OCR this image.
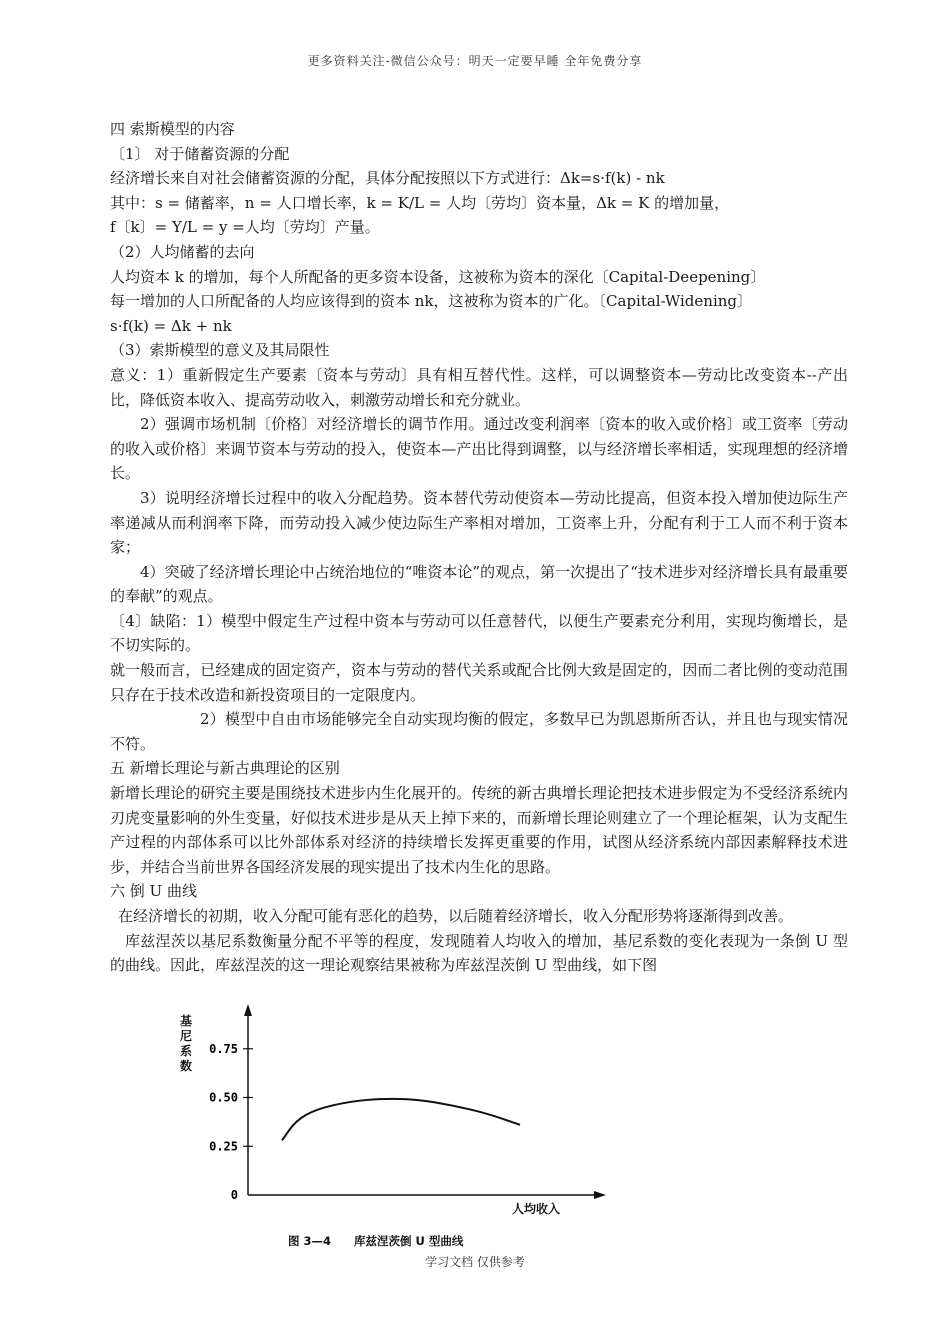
更多资料关注-微信公众号：明天一定要早睡 全年免费分享

四 索斯模型的内容

〔1〕 对于储蓄资源的分配

经济增长来自对社会储蓄资源的分配，具体分配按照以下方式进行：Δk=s·f(k) - nk

其中：s = 储蓄率，n = 人口增长率，k = K/L = 人均〔劳均〕资本量，Δk = K 的增加量，

f〔k〕= Y/L = y =人均〔劳均〕产量。

（2）人均储蓄的去向

人均资本 k 的增加，每个人所配备的更多资本设备，这被称为资本的深化〔Capital-Deepening〕

每一增加的人口所配备的人均应该得到的资本 nk，这被称为资本的广化。〔Capital-Widening〕

s·f(k) = Δk + nk

（3）索斯模型的意义及其局限性

意义：1）重新假定生产要素〔资本与劳动〕具有相互替代性。这样，可以调整资本—劳动比改变资本--产出比，降低资本收入、提高劳动收入，刺激劳动增长和充分就业。

2）强调市场机制〔价格〕对经济增长的调节作用。通过改变利润率〔资本的收入或价格〕或工资率〔劳动的收入或价格〕来调节资本与劳动的投入，使资本—产出比得到调整，以与经济增长率相适，实现理想的经济增长。

3）说明经济增长过程中的收入分配趋势。资本替代劳动使资本—劳动比提高，但资本投入增加使边际生产率递减从而利润率下降，而劳动投入减少使边际生产率相对增加，工资率上升，分配有利于工人而不利于资本家；

4）突破了经济增长理论中占统治地位的“唯资本论”的观点，第一次提出了“技术进步对经济增长具有最重要的奉献”的观点。

〔4〕缺陷：1）模型中假定生产过程中资本与劳动可以任意替代，以便生产要素充分利用，实现均衡增长，是不切实际的。

就一般而言，已经建成的固定资产，资本与劳动的替代关系或配合比例大致是固定的，因而二者比例的变动范围只存在于技术改造和新投资项目的一定限度内。

2）模型中自由市场能够完全自动实现均衡的假定，多数早已为凯恩斯所否认，并且也与现实情况不符。

五 新增长理论与新古典理论的区别

新增长理论的研究主要是围绕技术进步内生化展开的。传统的新古典增长理论把技术进步假定为不受经济系统内刃虎变量影响的外生变量，好似技术进步是从天上掉下来的，而新增长理论则建立了一个理论框架，认为支配生产过程的内部体系可以比外部体系对经济的持续增长发挥更重要的作用，试图从经济系统内部因素解释技术进步，并结合当前世界各国经济发展的现实提出了技术内生化的思路。

六 倒 U 曲线

在经济增长的初期，收入分配可能有恶化的趋势，以后随着经济增长，收入分配形势将逐渐得到改善。

库兹涅茨以基尼系数衡量分配不平等的程度，发现随着人均收入的增加，基尼系数的变化表现为一条倒 U 型的曲线。因此，库兹涅茨的这一理论观察结果被称为库兹涅茨倒 U 型曲线，如下图

0.75
0.50
0.25
0
基
尼
系
数
人均收入
图 3—4　　库兹涅茨倒 U 型曲线
学习文档 仅供参考
